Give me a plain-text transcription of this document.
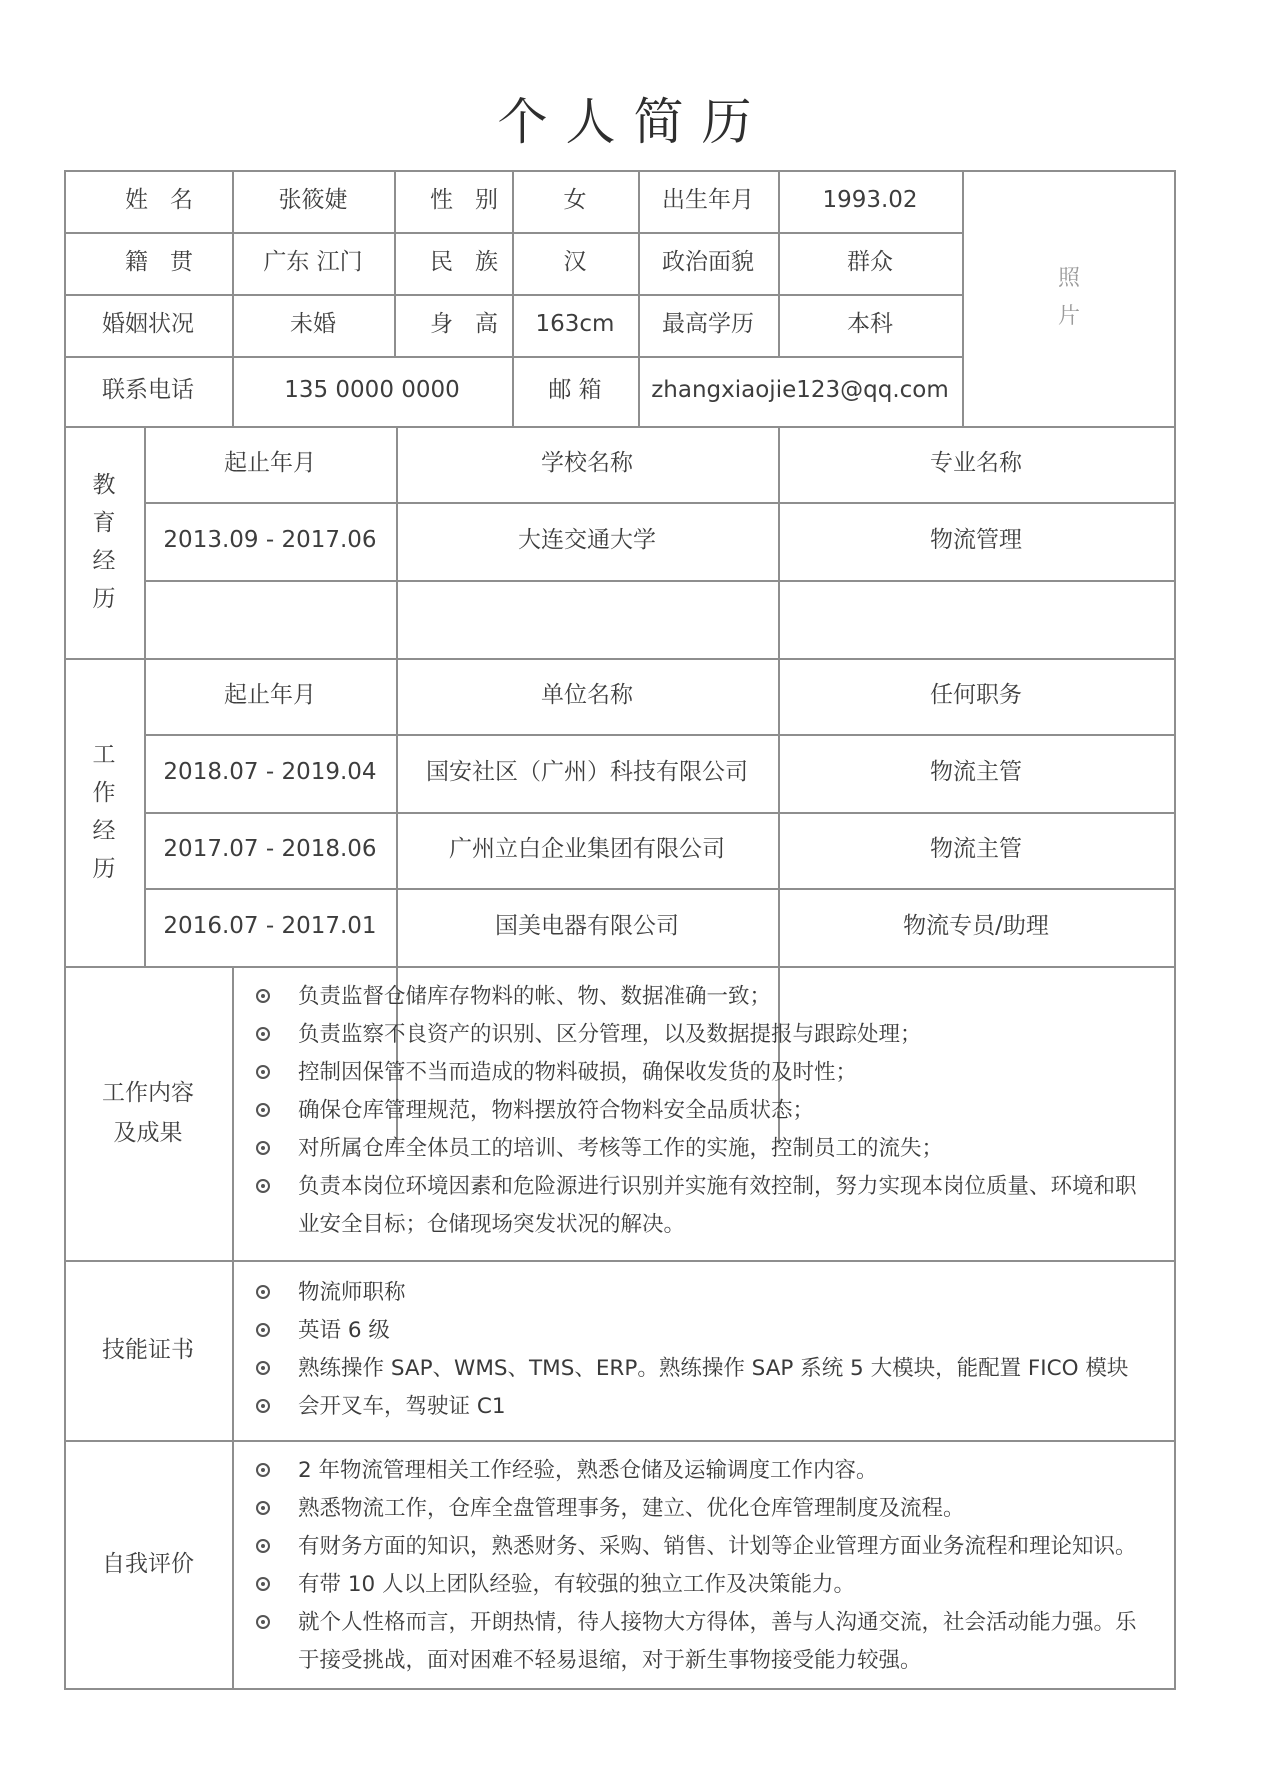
个人简历
姓名	张筱婕	性别	女	出生年月	1993.02
籍贯	广东 江门	民族	汉	政治面貌	群众
婚姻状况	未婚	身高 163cm	最高学历	本科
联系电话	135 0000 0000	邮 箱	zhangxiaojie123@qq.com
照
片
教
育
经
历
起止年月	学校名称	专业名称
2013.09 - 2017.06	大连交通大学	物流管理
工
作
经
历
起止年月	单位名称	任何职务
2018.07 - 2019.04	国安社区（广州）科技有限公司	物流主管
2017.07 - 2018.06	广州立白企业集团有限公司	物流主管
2016.07 - 2017.01	国美电器有限公司	物流专员/助理
工作内容
及成果
负责监督仓储库存物料的帐、物、数据准确一致；
负责监察不良资产的识别、区分管理，以及数据提报与跟踪处理；
控制因保管不当而造成的物料破损，确保收发货的及时性；
确保仓库管理规范，物料摆放符合物料安全品质状态；
对所属仓库全体员工的培训、考核等工作的实施，控制员工的流失；
负责本岗位环境因素和危险源进行识别并实施有效控制，努力实现本岗位质量、环境和职业安全目标；仓储现场突发状况的解决。
技能证书
物流师职称
英语 6 级
熟练操作 SAP、WMS、TMS、ERP。熟练操作 SAP 系统 5 大模块，能配置 FICO 模块
会开叉车，驾驶证 C1
自我评价
2 年物流管理相关工作经验，熟悉仓储及运输调度工作内容。
熟悉物流工作，仓库全盘管理事务，建立、优化仓库管理制度及流程。
有财务方面的知识，熟悉财务、采购、销售、计划等企业管理方面业务流程和理论知识。
有带 10 人以上团队经验，有较强的独立工作及决策能力。
就个人性格而言，开朗热情，待人接物大方得体，善与人沟通交流，社会活动能力强。乐于接受挑战，面对困难不轻易退缩，对于新生事物接受能力较强。
